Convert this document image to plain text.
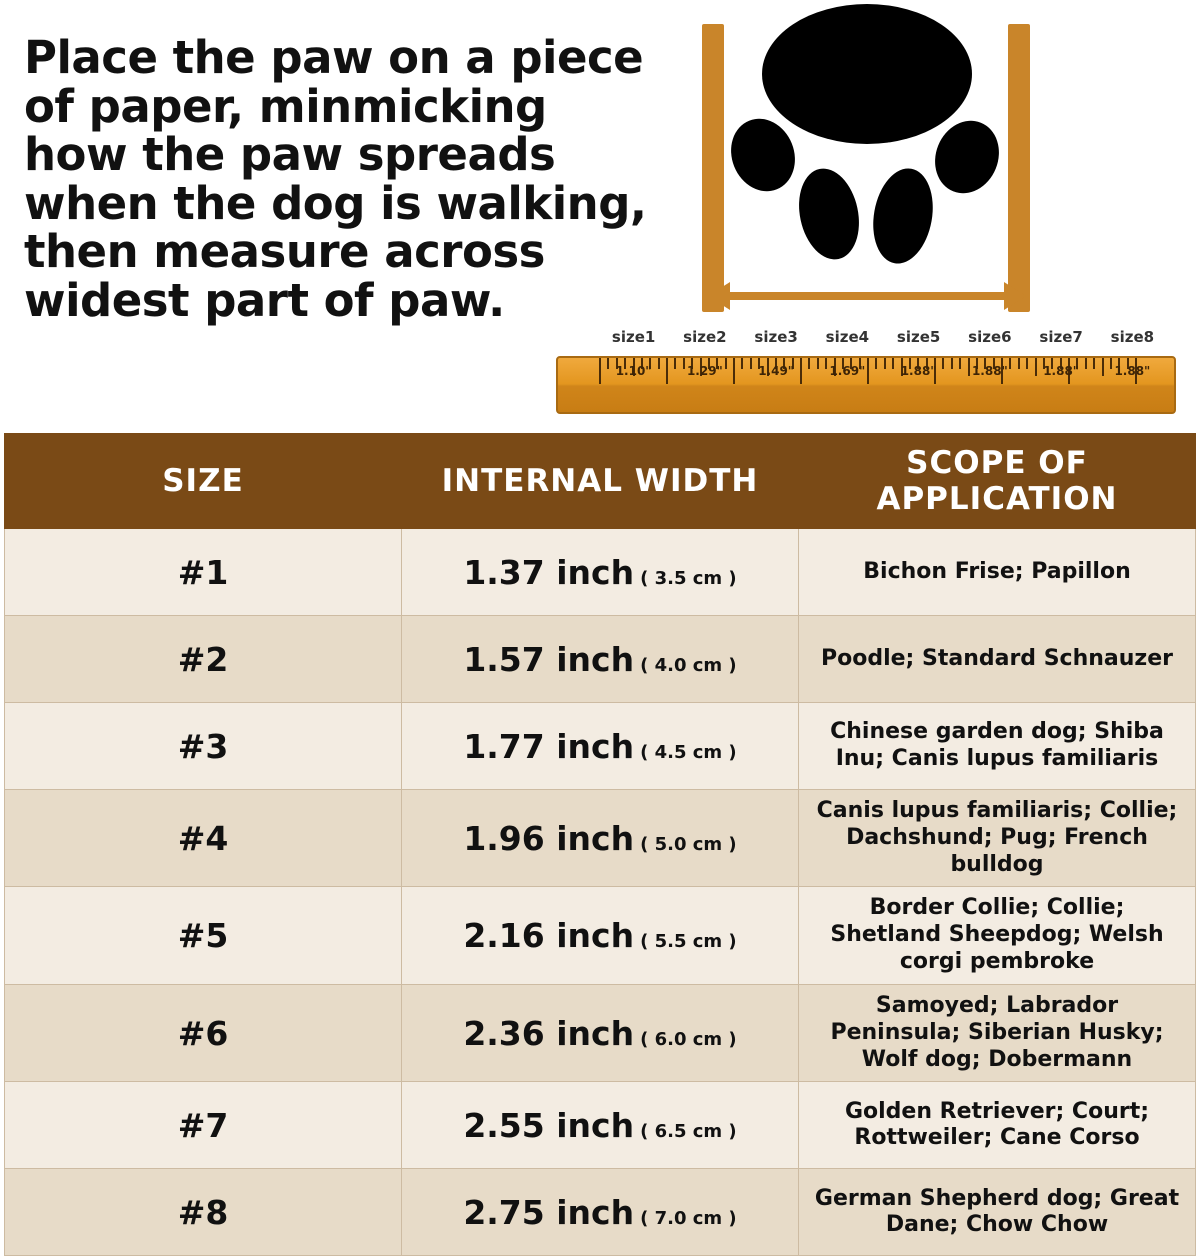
Place the paw on a piece of paper, minmicking how the paw spreads when the dog is walking, then measure across widest part of paw.
size1	size2	size3	size4	size5	size6	size7	size8
1.10"	1.29"	1.49"	1.69"	1.88"	1.88"	1.88"	1.88"
SIZE	INTERNAL WIDTH	SCOPE OF APPLICATION
#1	1.37 inch ( 3.5 cm )	Bichon Frise; Papillon
#2	1.57 inch ( 4.0 cm )	Poodle; Standard Schnauzer
#3	1.77 inch ( 4.5 cm )	Chinese garden dog; Shiba Inu; Canis lupus familiaris
#4	1.96 inch ( 5.0 cm )	Canis lupus familiaris; Collie; Dachshund; Pug; French bulldog
#5	2.16 inch ( 5.5 cm )	Border Collie; Collie; Shetland Sheepdog; Welsh corgi pembroke
#6	2.36 inch ( 6.0 cm )	Samoyed; Labrador Peninsula; Siberian Husky; Wolf dog; Dobermann
#7	2.55 inch ( 6.5 cm )	Golden Retriever; Court; Rottweiler; Cane Corso
#8	2.75 inch ( 7.0 cm )	German Shepherd dog; Great Dane; Chow Chow
